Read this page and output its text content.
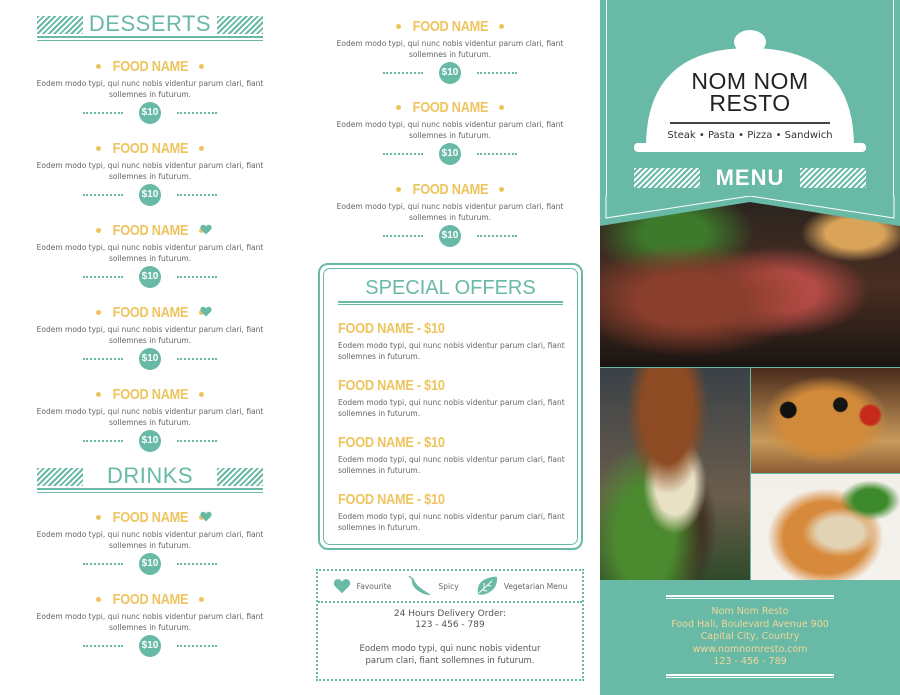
DESSERTS
FOOD NAME
Eodem modo typi, qui nunc nobis videntur parum clari, fiant
sollemnes in futurum.
$10
FOOD NAME
Eodem modo typi, qui nunc nobis videntur parum clari, fiant
sollemnes in futurum.
$10
FOOD NAME
Eodem modo typi, qui nunc nobis videntur parum clari, fiant
sollemnes in futurum.
$10
FOOD NAME
Eodem modo typi, qui nunc nobis videntur parum clari, fiant
sollemnes in futurum.
$10
FOOD NAME
Eodem modo typi, qui nunc nobis videntur parum clari, fiant
sollemnes in futurum.
$10
DRINKS
FOOD NAME
Eodem modo typi, qui nunc nobis videntur parum clari, fiant
sollemnes in futurum.
$10
FOOD NAME
Eodem modo typi, qui nunc nobis videntur parum clari, fiant
sollemnes in futurum.
$10
FOOD NAME
Eodem modo typi, qui nunc nobis videntur parum clari, fiant
sollemnes in futurum.
$10
FOOD NAME
Eodem modo typi, qui nunc nobis videntur parum clari, fiant
sollemnes in futurum.
$10
FOOD NAME
Eodem modo typi, qui nunc nobis videntur parum clari, fiant
sollemnes in futurum.
$10
SPECIAL OFFERS
FOOD NAME - $10
Eodem modo typi, qui nunc nobis videntur parum clari, fiant
sollemnes in futurum.
FOOD NAME - $10
Eodem modo typi, qui nunc nobis videntur parum clari, fiant
sollemnes in futurum.
FOOD NAME - $10
Eodem modo typi, qui nunc nobis videntur parum clari, fiant
sollemnes in futurum.
FOOD NAME - $10
Eodem modo typi, qui nunc nobis videntur parum clari, fiant
sollemnes in futurum.
Favourite	Spicy	Vegetarian Menu
24 Hours Delivery Order:
123 - 456 - 789
Eodem modo typi, qui nunc nobis videntur
parum clari, fiant sollemnes in futurum.
NOM NOM
RESTO
Steak • Pasta • Pizza • Sandwich
MENU
Nom Nom Resto
Food Hall, Boulevard Avenue 900
Capital City, Country
www.nomnomresto.com
123 - 456 - 789
